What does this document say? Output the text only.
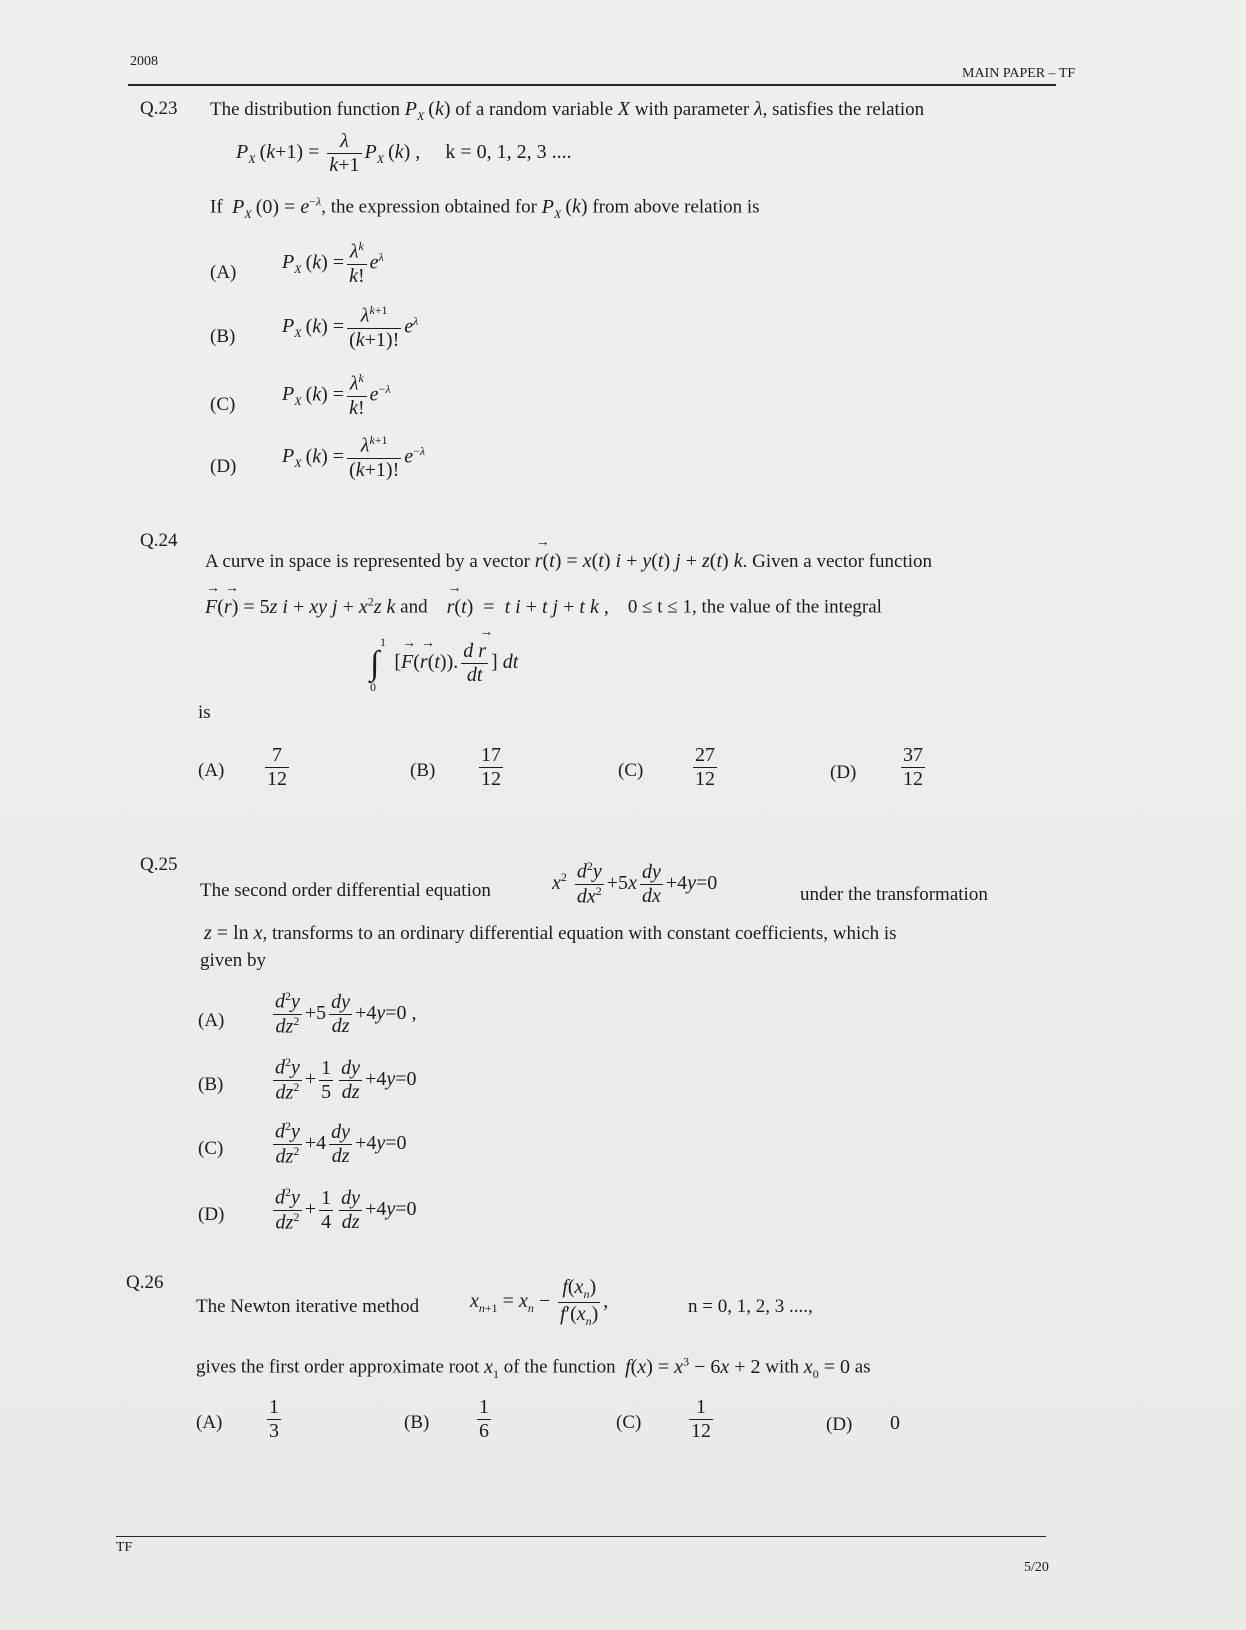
2008
MAIN PAPER – TF
Q.23 The distribution function $P_X$ (k) of a random variable X with parameter λ, satisfies the relation
$P_X$ $(k+1) = \frac{\lambda}{k+1} P_X$ (k) ,     k = 0, 1, 2, 3 ....
If $P_X$ $(0) = e^{-\lambda}$, the expression obtained for $P_X$ (k) from above relation is
(A) $P_X$ $(k) = \frac{\lambda^k}{k!} e^\lambda$
(B) $P_X$ $(k) = \frac{\lambda^{k+1}}{(k+1)!} e^\lambda$
(C) $P_X$ $(k) = \frac{\lambda^k}{k!} e^{-\lambda}$
(D) $P_X$ $(k) = \frac{\lambda^{k+1}}{(k+1)!} e^{-\lambda}$
Q.24
A curve in space is represented by a vector → r(t) = x(t) i + y(t) j + z(t) k. Given a vector function
→ F(→ r) = 5z i + xy $j + x^2z$ k and → r(t)  =  t i + t j + t k , 0 ≤ t ≤ 1, the value of the integral
∫
1
0
[→ F(→ r(t)). $\frac{d \to r}{dt}$ ] dt
is
$(A) \frac{7}{12}$	$(B) \frac{17}{12}$	$(C) \frac{27}{12}$	$(D) \frac{37}{12}$
Q.25
The second order differential equation	$x^2 \frac{d^2y}{dx^2} +5x \frac{dy}{dx} +4y=0$
under the transformation
z = ln x, transforms to an ordinary differential equation with constant coefficients, which is
given by
$(A) \frac{d^2y}{dz^2} +5 \frac{dy}{dz} +4y=0$ ,
$(B) \frac{d^2y}{dz^2} + \frac{1}{5} \frac{dy}{dz} +4y=0$
$(C) \frac{d^2y}{dz^2} +4 \frac{dy}{dz} +4y=0$
$(D) \frac{d^2y}{dz^2} + \frac{1}{4} \frac{dy}{dz} +4y=0$
Q.26
The Newton iterative method	$x_{n+1} = x_n - \frac{f(x_n)}{f'(x_n)}$ ,	n = 0, 1, 2, 3 ....,
gives the first order approximate root $x_1$ of the function $f(x) = x^3 - 6x + 2$ with $x_0 = 0$ as
$(A) \frac{1}{3}$	$(B) \frac{1}{6}$	$(C) \frac{1}{12}$	(D) 0
TF
5/20
